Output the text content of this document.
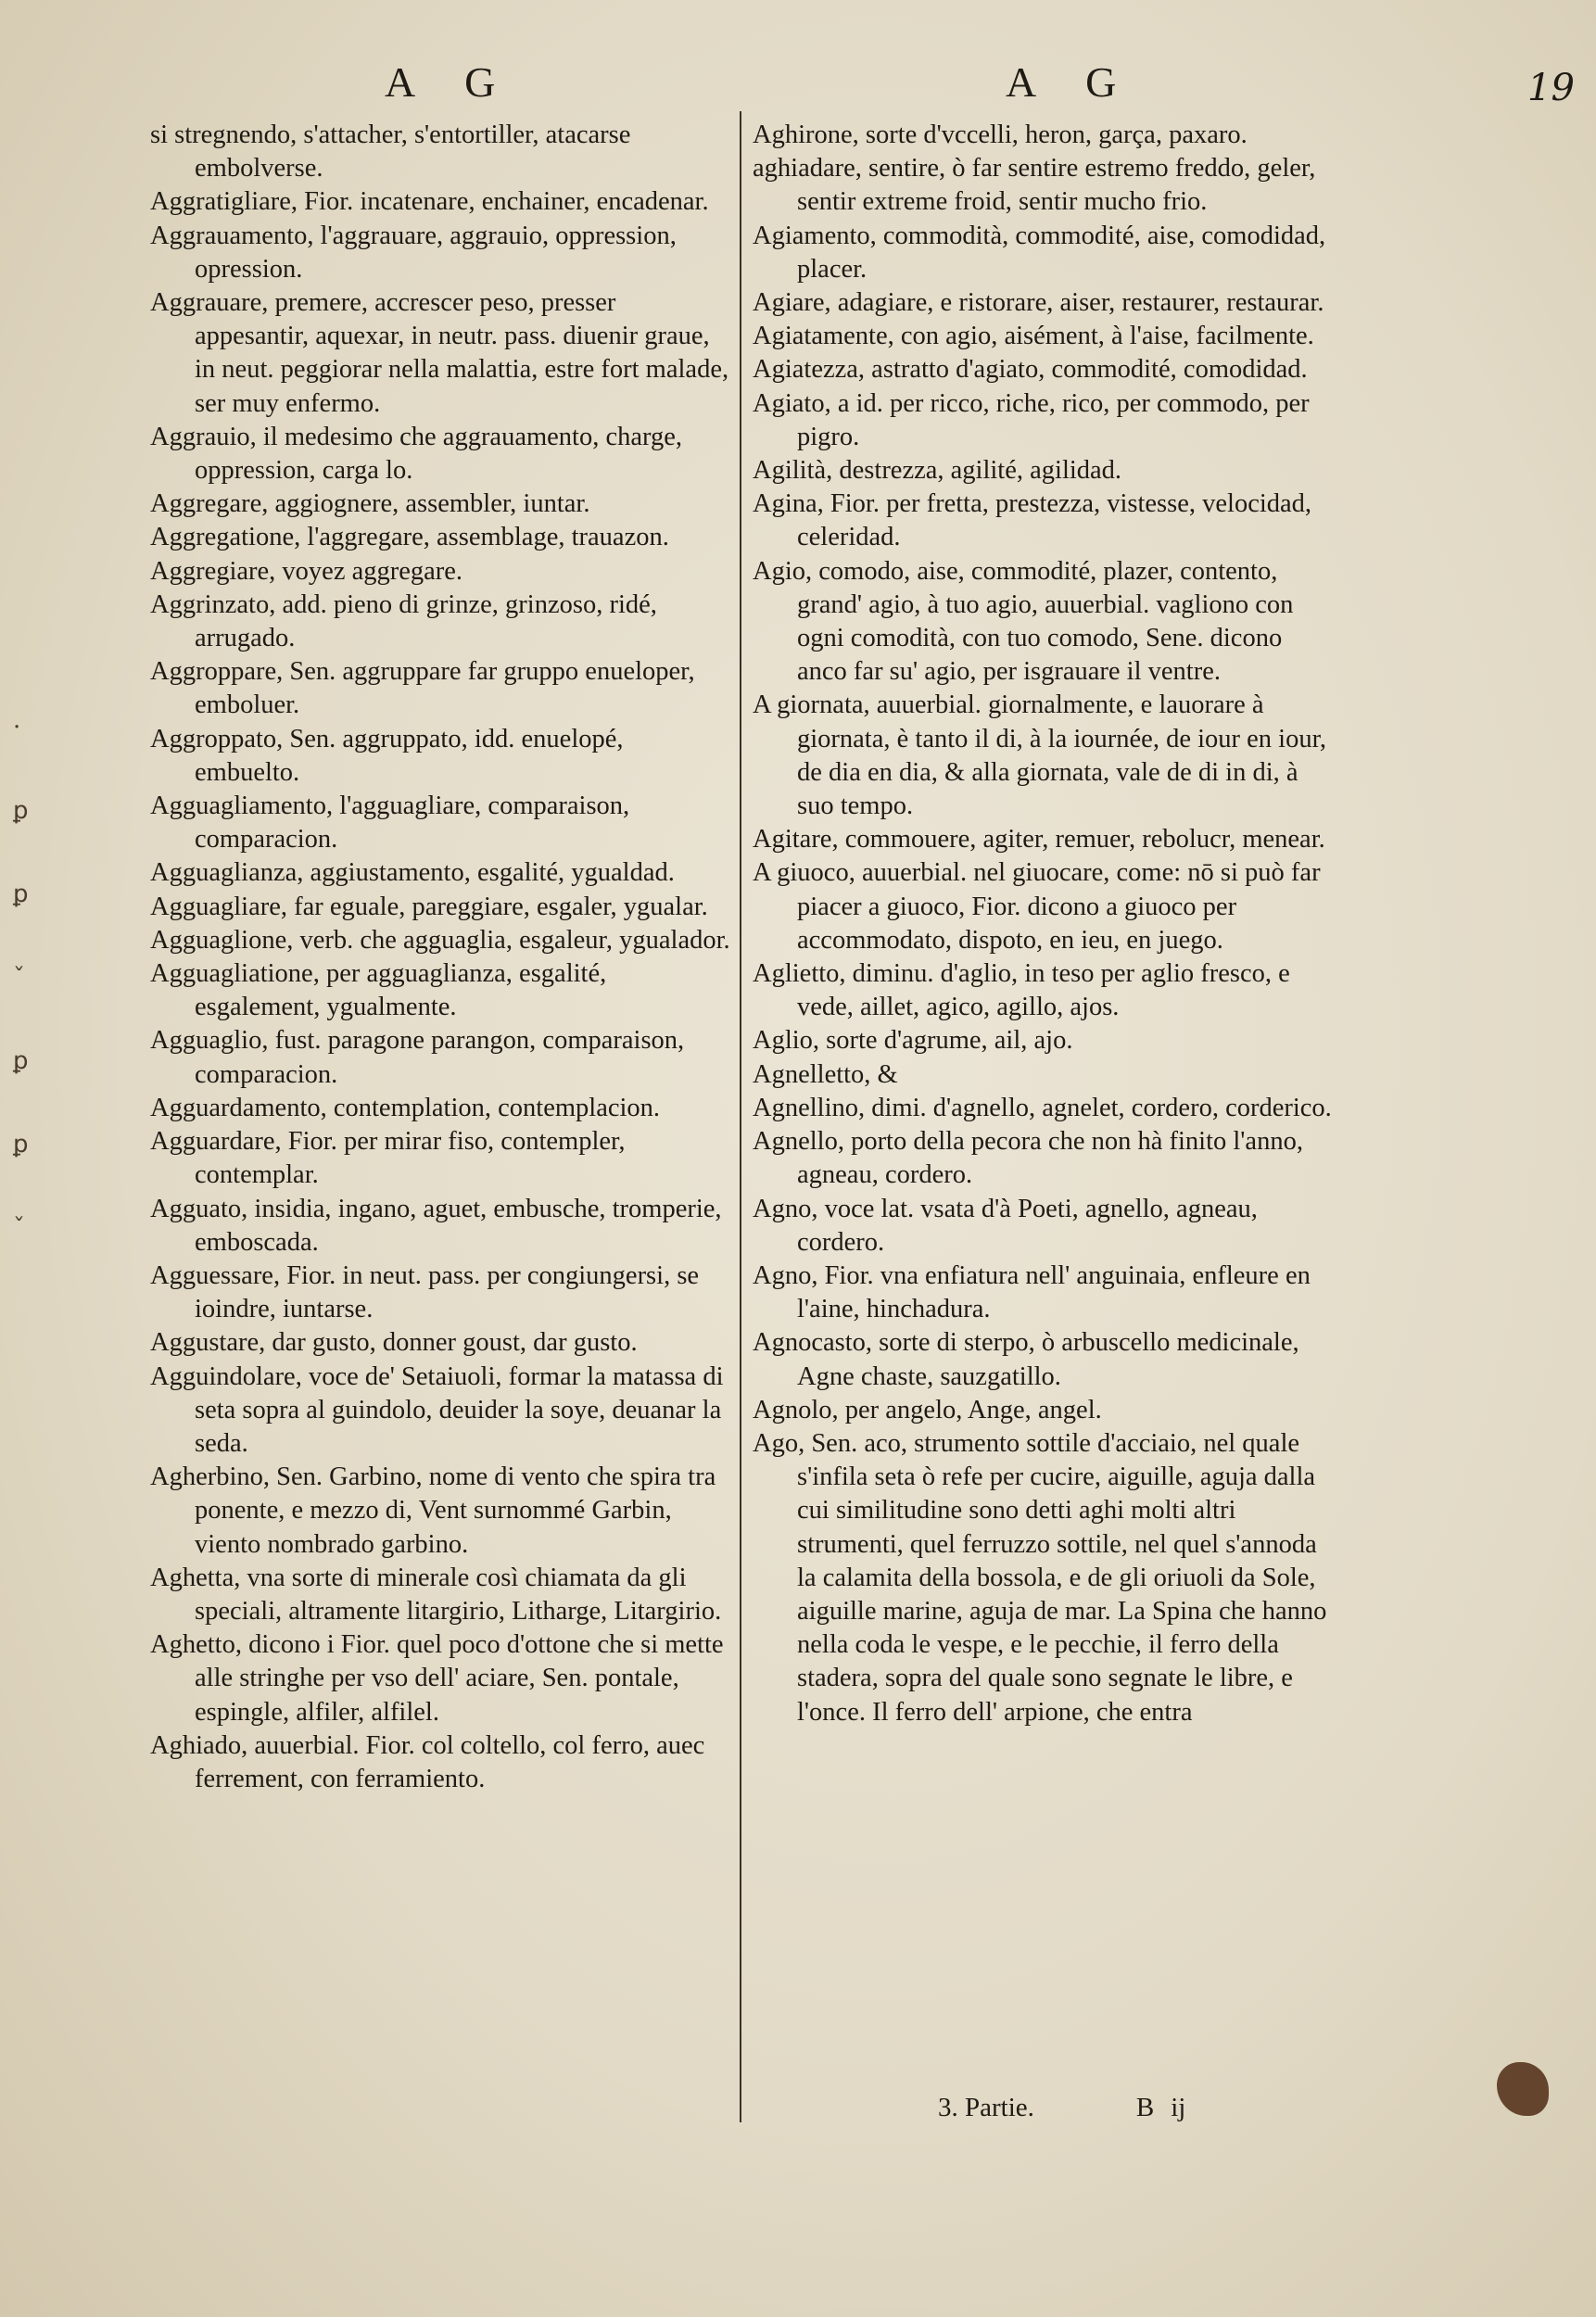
A G	A G	19

si stregnendo, s'attacher, s'entortiller, atacarse embolverse.

Aggratigliare, Fior. incatenare, enchainer, encadenar.

Aggrauamento, l'aggrauare, aggrauio, oppression, opression.

Aggrauare, premere, accrescer peso, presser appesantir, aquexar, in neutr. pass. diuenir graue, in neut. peggiorar nella malattia, estre fort malade, ser muy enfermo.

Aggrauio, il medesimo che aggrauamento, charge, oppression, carga lo.

Aggregare, aggiognere, assembler, iuntar.

Aggregatione, l'aggregare, assemblage, trauazon.

Aggregiare, voyez aggregare.

Aggrinzato, add. pieno di grinze, grinzoso, ridé, arrugado.

Aggroppare, Sen. aggruppare far gruppo enueloper, emboluer.

Aggroppato, Sen. aggruppato, idd. enuelopé, embuelto.

Agguagliamento, l'agguagliare, comparaison, comparacion.

Agguaglianza, aggiustamento, esgalité, ygualdad.

Agguagliare, far eguale, pareggiare, esgaler, ygualar.

Agguaglione, verb. che agguaglia, esgaleur, ygualador.

Agguagliatione, per agguaglianza, esgalité, esgalement, ygualmente.

Agguaglio, fust. paragone parangon, comparaison, comparacion.

Agguardamento, contemplation, contemplacion.

Agguardare, Fior. per mirar fiso, contempler, contemplar.

Agguato, insidia, ingano, aguet, embusche, tromperie, emboscada.

Agguessare, Fior. in neut. pass. per congiungersi, se ioindre, iuntarse.

Aggustare, dar gusto, donner goust, dar gusto.

Agguindolare, voce de' Setaiuoli, formar la matassa di seta sopra al guindolo, deuider la soye, deuanar la seda.

Agherbino, Sen. Garbino, nome di vento che spira tra ponente, e mezzo di, Vent surnommé Garbin, viento nombrado garbino.

Aghetta, vna sorte di minerale così chiamata da gli speciali, altramente litargirio, Litharge, Litargirio.

Aghetto, dicono i Fior. quel poco d'ottone che si mette alle stringhe per vso dell' aciare, Sen. pontale, espingle, alfiler, alfilel.

Aghiado, auuerbial. Fior. col coltello, col ferro, auec ferrement, con ferramiento.

Aghirone, sorte d'vccelli, heron, garça, paxaro.

aghiadare, sentire, ò far sentire estremo freddo, geler, sentir extreme froid, sentir mucho frio.

Agiamento, commodità, commodité, aise, comodidad, placer.

Agiare, adagiare, e ristorare, aiser, restaurer, restaurar.

Agiatamente, con agio, aisément, à l'aise, facilmente.

Agiatezza, astratto d'agiato, commodité, comodidad.

Agiato, a id. per ricco, riche, rico, per commodo, per pigro.

Agilità, destrezza, agilité, agilidad.

Agina, Fior. per fretta, prestezza, vistesse, velocidad, celeridad.

Agio, comodo, aise, commodité, plazer, contento, grand' agio, à tuo agio, auuerbial. vagliono con ogni comodità, con tuo comodo, Sene. dicono anco far su' agio, per isgrauare il ventre.

A giornata, auuerbial. giornalmente, e lauorare à giornata, è tanto il di, à la iournée, de iour en iour, de dia en dia, & alla giornata, vale de di in di, à suo tempo.

Agitare, commouere, agiter, remuer, rebolucr, menear.

A giuoco, auuerbial. nel giuocare, come: nō si può far piacer a giuoco, Fior. dicono a giuoco per accommodato, dispoto, en ieu, en juego.

Aglietto, diminu. d'aglio, in teso per aglio fresco, e vede, aillet, agico, agillo, ajos.

Aglio, sorte d'agrume, ail, ajo.

Agnelletto, &

Agnellino, dimi. d'agnello, agnelet, cordero, corderico.

Agnello, porto della pecora che non hà finito l'anno, agneau, cordero.

Agno, voce lat. vsata d'à Poeti, agnello, agneau, cordero.

Agno, Fior. vna enfiatura nell' anguinaia, enfleure en l'aine, hinchadura.

Agnocasto, sorte di sterpo, ò arbuscello medicinale, Agne chaste, sauzgatillo.

Agnolo, per angelo, Ange, angel.

Ago, Sen. aco, strumento sottile d'acciaio, nel quale s'infila seta ò refe per cucire, aiguille, aguja dalla cui similitudine sono detti aghi molti altri strumenti, quel ferruzzo sottile, nel quel s'annoda la calamita della bossola, e de gli oriuoli da Sole, aiguille marine, aguja de mar. La Spina che hanno nella coda le vespe, e le pecchie, il ferro della stadera, sopra del quale sono segnate le libre, e l'once. Il ferro dell' arpione, che entra

3. Partie.	B ij
·
ꝑ
ꝑ
ˇ
ꝑ
ꝑ
ˇ
